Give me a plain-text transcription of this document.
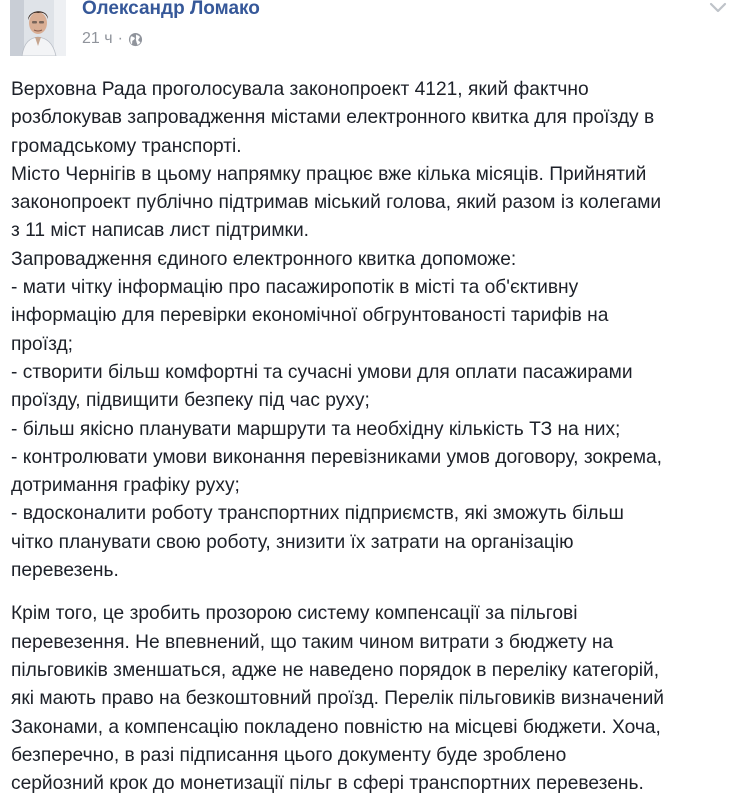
Олександр Ломако
21 ч ·
Верховна Рада проголосувала законопроект 4121, який фактчно
розблокував запровадження містами електронного квитка для проїзду в
громадському транспорті.
Місто Чернігів в цьому напрямку працює вже кілька місяців. Прийнятий
законопроект публічно підтримав міський голова, який разом із колегами
з 11 міст написав лист підтримки.
Запровадження єдиного електронного квитка допоможе:
- мати чітку інформацію про пасажиропотік в місті та об'єктивну
інформацію для перевірки економічної обгрунтованості тарифів на
проїзд;
- створити більш комфортні та сучасні умови для оплати пасажирами
проїзду, підвищити безпеку під час руху;
- більш якісно планувати маршрути та необхідну кількість ТЗ на них;
- контролювати умови виконання перевізниками умов договору, зокрема,
дотримання графіку руху;
- вдосконалити роботу транспортних підприємств, які зможуть більш
чітко планувати свою роботу, знизити їх затрати на організацію
перевезень.
Крім того, це зробить прозорою систему компенсації за пільгові
перевезення. Не впевнений, що таким чином витрати з бюджету на
пільговиків зменшаться, адже не наведено порядок в переліку категорій,
які мають право на безкоштовний проїзд. Перелік пільговиків визначений
Законами, а компенсацію покладено повністю на місцеві бюджети. Хоча,
безперечно, в разі підписання цього документу буде зроблено
серйозний крок до монетизації пільг в сфері транспортних перевезень.
